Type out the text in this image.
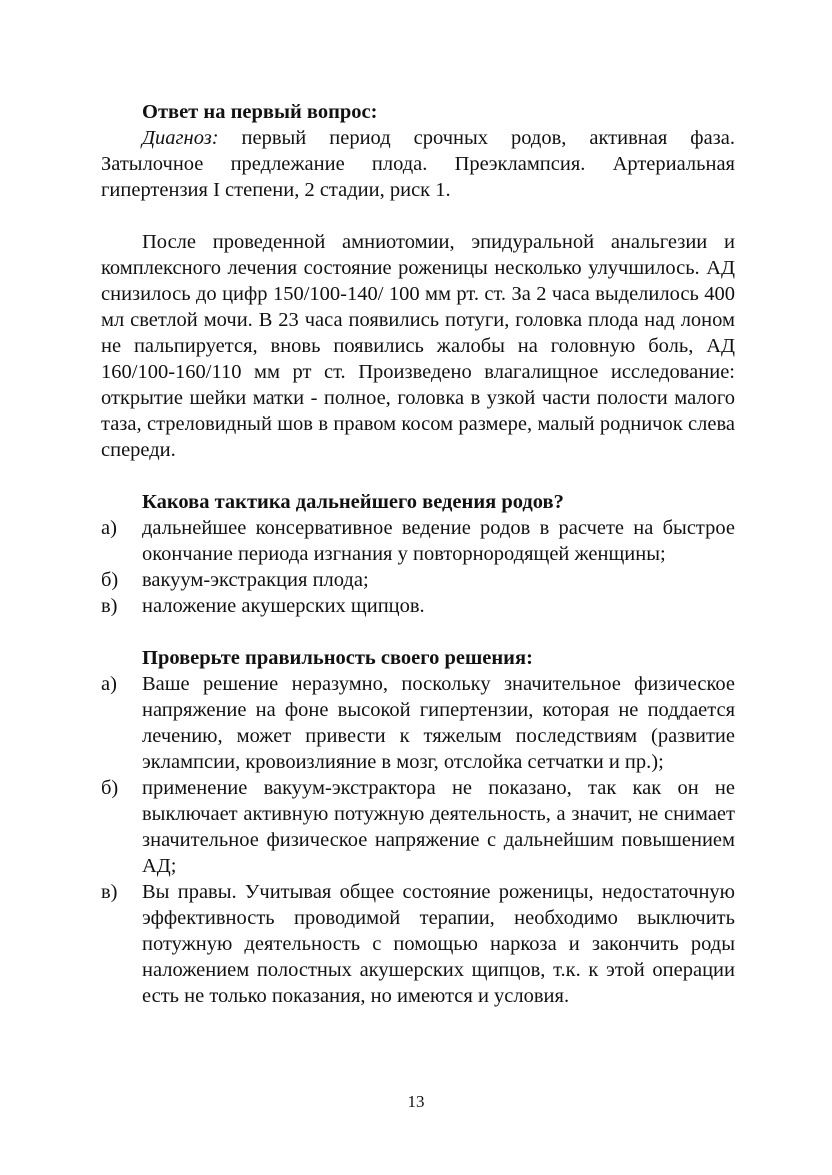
Ответ на первый вопрос:

Диагноз: первый период срочных родов, активная фаза. Затылочное предлежание плода. Преэклампсия. Артериальная гипертензия I степени, 2 стадии, риск 1.

После проведенной амниотомии, эпидуральной анальгезии и комплексного лечения состояние роженицы несколько улучшилось. АД снизилось до цифр 150/100-140/ 100 мм рт. ст. За 2 часа выделилось 400 мл светлой мочи. В 23 часа появились потуги, головка плода над лоном не пальпируется, вновь появились жалобы на головную боль, АД 160/100-160/110 мм рт ст. Произведено влагалищное исследование: открытие шейки матки - полное, головка в узкой части полости малого таза, стреловидный шов в правом косом размере, малый родничок слева спереди.

Какова тактика дальнейшего ведения родов?

а)	дальнейшее консервативное ведение родов в расчете на быстрое окончание периода изгнания у повторнородящей женщины;
б)	вакуум-экстракция плода;
в)	наложение акушерских щипцов.

Проверьте правильность своего решения:

а)	Ваше решение неразумно, поскольку значительное физическое напряжение на фоне высокой гипертензии, которая не поддается лечению, может привести к тяжелым последствиям (развитие эклампсии, кровоизлияние в мозг, отслойка сетчатки и пр.);
б)	применение вакуум-экстрактора не показано, так как он не выключает активную потужную деятельность, а значит, не снимает значительное физическое напряжение с дальнейшим повышением АД;
в)	Вы правы. Учитывая общее состояние роженицы, недостаточную эффективность проводимой терапии, необходимо выключить потужную деятельность с помощью наркоза и закончить роды наложением полостных акушерских щипцов, т.к. к этой операции есть не только показания, но имеются и условия.
13
